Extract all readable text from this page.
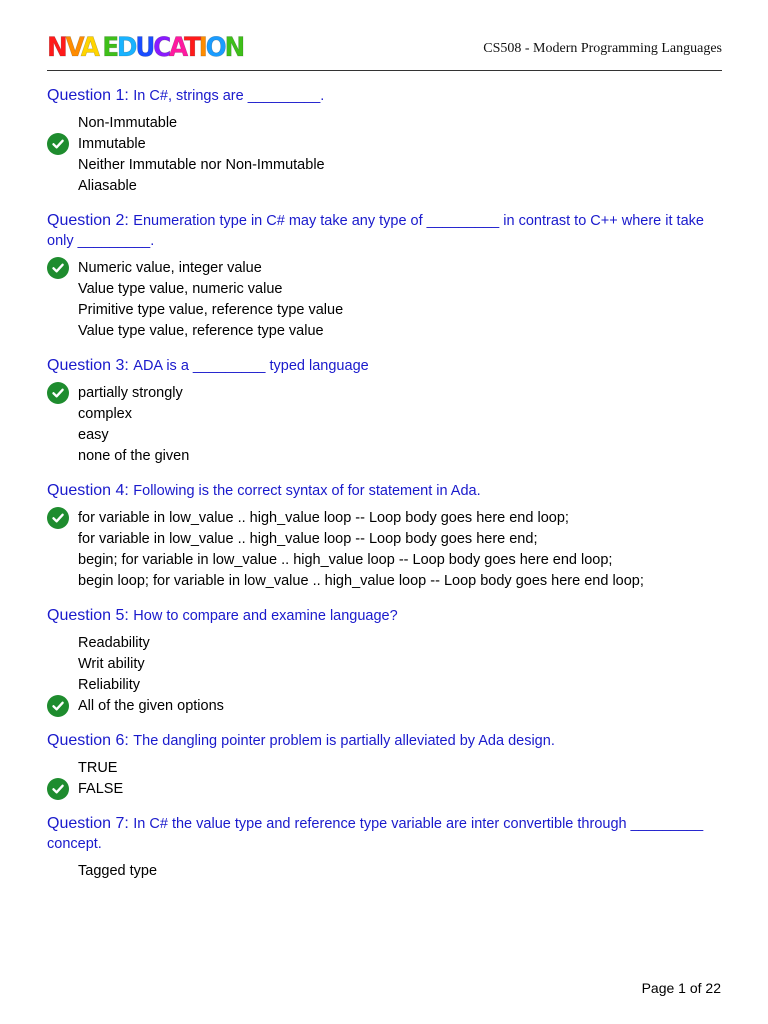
NVA EDUCATION	CS508 - Modern Programming Languages

Question 1: In C#, strings are _________.

Non-Immutable
Immutable
Neither Immutable nor Non-Immutable
Aliasable

Question 2: Enumeration type in C# may take any type of _________ in contrast to C++ where it take only _________.

Numeric value, integer value
Value type value, numeric value
Primitive type value, reference type value
Value type value, reference type value

Question 3: ADA is a _________ typed language

partially strongly
complex
easy
none of the given

Question 4: Following is the correct syntax of for statement in Ada.

for variable in low_value .. high_value loop -- Loop body goes here end loop;
for variable in low_value .. high_value loop -- Loop body goes here end;
begin; for variable in low_value .. high_value loop -- Loop body goes here end loop;
begin loop; for variable in low_value .. high_value loop -- Loop body goes here end loop;

Question 5: How to compare and examine language?

Readability
Writ ability
Reliability
All of the given options

Question 6: The dangling pointer problem is partially alleviated by Ada design.

TRUE
FALSE

Question 7: In C# the value type and reference type variable are inter convertible through _________ concept.

Tagged type
Page 1 of 22
